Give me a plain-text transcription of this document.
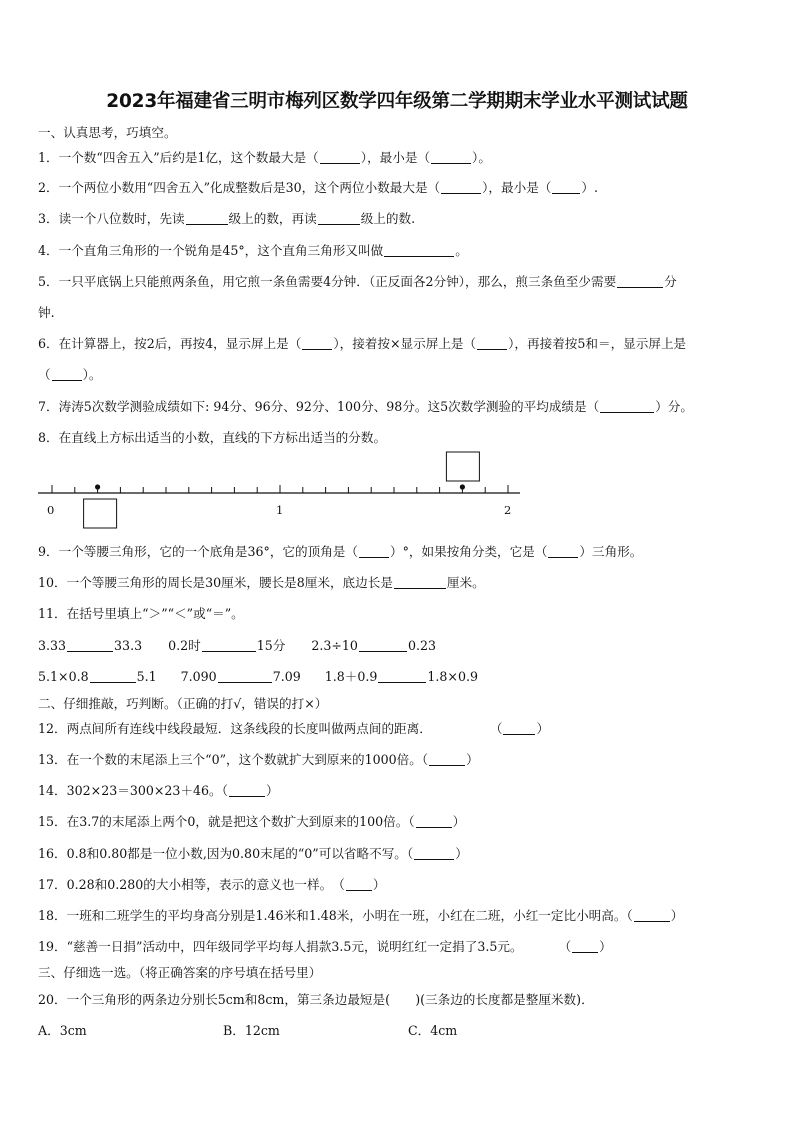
2023年福建省三明市梅列区数学四年级第二学期期末学业水平测试试题
一、认真思考，巧填空。
1．一个数“四舍五入”后约是1亿，这个数最大是（	），最小是（	）。
2．一个两位小数用“四舍五入”化成整数后是30，这个两位小数最大是（	），最小是（ ）.
3．读一个八位数时，先读	级上的数，再读	级上的数.
4．一个直角三角形的一个锐角是45°，这个直角三角形又叫做	。
5．一只平底锅上只能煎两条鱼，用它煎一条鱼需要4分钟．（正反面各2分钟），那么，煎三条鱼至少需要	分
钟.
6．在计算器上，按2后，再按4，显示屏上是（	），接着按×显示屏上是（	），再接着按5和＝，显示屏上是
（	）。
7．涛涛5次数学测验成绩如下: 94分、96分、92分、100分、98分。这5次数学测验的平均成绩是（	）分。
8．在直线上方标出适当的小数，直线的下方标出适当的分数。
0	1	2
9．一个等腰三角形，它的一个底角是36°，它的顶角是（	）°，如果按角分类，它是（	）三角形。
10．一个等腰三角形的周长是30厘米，腰长是8厘米，底边长是	厘米。
11．在括号里填上“＞”“＜”或“＝”。
3.33	33.3 0.2时	15分 2.3÷10	0.23
5.1×0.8	5.1 7.090	7.09 1.8＋0.9	1.8×0.9
二、仔细推敲，巧判断。（正确的打√，错误的打×）
12．两点间所有连线中线段最短．这条线段的长度叫做两点间的距离．	（	）
13．在一个数的末尾添上三个“0”，这个数就扩大到原来的1000倍。（	）
14．302×23＝300×23＋46。（	）
15．在3.7的末尾添上两个0，就是把这个数扩大到原来的100倍。（	）
16．0.8和0.80都是一位小数,因为0.80末尾的“0”可以省略不写。（	）
17．0.28和0.280的大小相等，表示的意义也一样。　（ ）
18．一班和二班学生的平均身高分别是1.46米和1.48米，小明在一班，小红在二班，小红一定比小明高。（	）
19．“慈善一日捐”活动中，四年级同学平均每人捐款3.5元，说明红红一定捐了3.5元。	（ ）
三、仔细选一选。（将正确答案的序号填在括号里）
20．一个三角形的两条边分别长5cm和8cm，第三条边最短是(　　)(三条边的长度都是整厘米数)．
A．3cm	B．12cm	C．4cm
